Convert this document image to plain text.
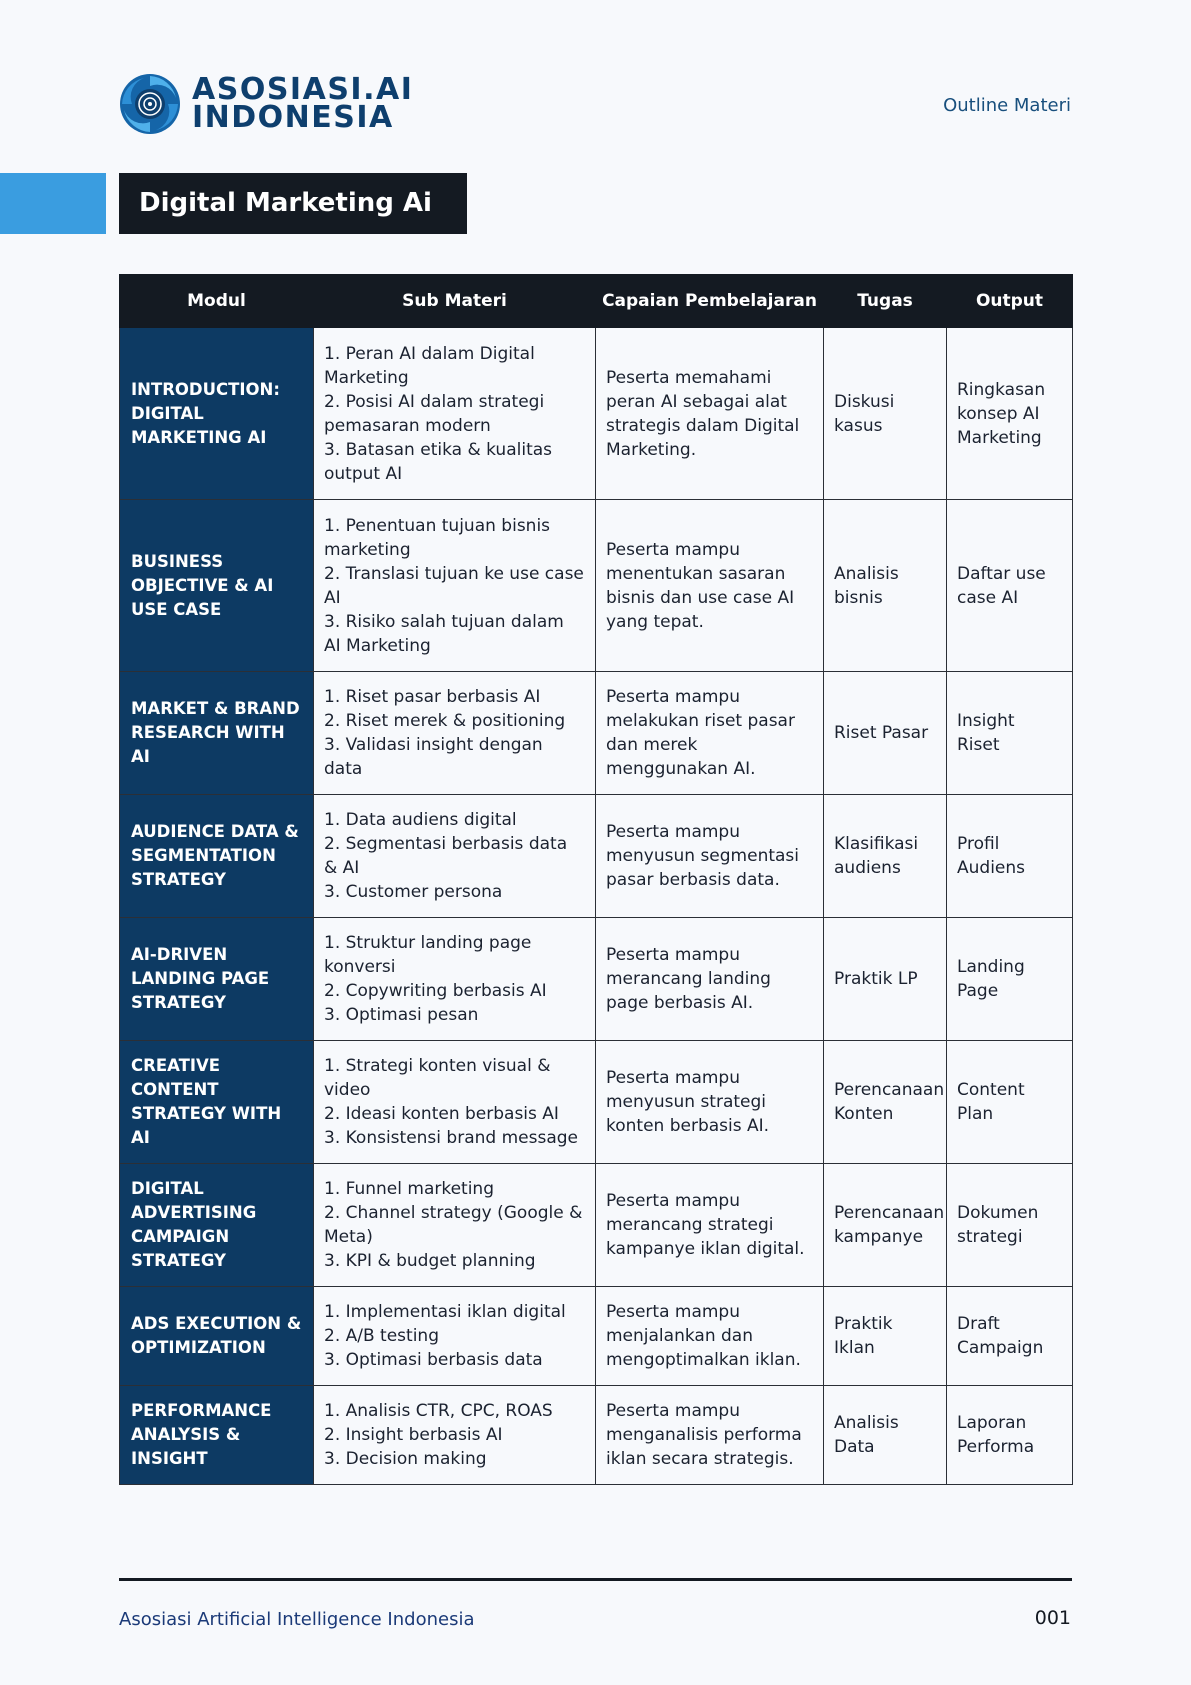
ASOSIASI.AI
INDONESIA	Outline Materi
Digital Marketing Ai
Modul	Sub Materi	Capaian Pembelajaran	Tugas	Output
INTRODUCTION: DIGITAL MARKETING AI	1. Peran AI dalam Digital Marketing
2. Posisi AI dalam strategi pemasaran modern
3. Batasan etika & kualitas output AI	Peserta memahami peran AI sebagai alat strategis dalam Digital Marketing.	Diskusi kasus	Ringkasan konsep AI Marketing
BUSINESS OBJECTIVE & AI USE CASE	1. Penentuan tujuan bisnis marketing
2. Translasi tujuan ke use case AI
3. Risiko salah tujuan dalam AI Marketing	Peserta mampu menentukan sasaran bisnis dan use case AI yang tepat.	Analisis bisnis	Daftar use case AI
MARKET & BRAND RESEARCH WITH AI	1. Riset pasar berbasis AI
2. Riset merek & positioning
3. Validasi insight dengan data	Peserta mampu melakukan riset pasar dan merek menggunakan AI.	Riset Pasar	Insight Riset
AUDIENCE DATA & SEGMENTATION STRATEGY	1. Data audiens digital
2. Segmentasi berbasis data & AI
3. Customer persona	Peserta mampu menyusun segmentasi pasar berbasis data.	Klasifikasi audiens	Profil Audiens
AI-DRIVEN LANDING PAGE STRATEGY	1. Struktur landing page konversi
2. Copywriting berbasis AI
3. Optimasi pesan	Peserta mampu merancang landing page berbasis AI.	Praktik LP	Landing Page
CREATIVE CONTENT STRATEGY WITH AI	1. Strategi konten visual & video
2. Ideasi konten berbasis AI
3. Konsistensi brand message	Peserta mampu menyusun strategi konten berbasis AI.	Perencanaan Konten	Content Plan
DIGITAL ADVERTISING CAMPAIGN STRATEGY	1. Funnel marketing
2. Channel strategy (Google & Meta)
3. KPI & budget planning	Peserta mampu merancang strategi kampanye iklan digital.	Perencanaan kampanye	Dokumen strategi
ADS EXECUTION & OPTIMIZATION	1. Implementasi iklan digital
2. A/B testing
3. Optimasi berbasis data	Peserta mampu menjalankan dan mengoptimalkan iklan.	Praktik Iklan	Draft Campaign
PERFORMANCE ANALYSIS & INSIGHT	1. Analisis CTR, CPC, ROAS
2. Insight berbasis AI
3. Decision making	Peserta mampu menganalisis performa iklan secara strategis.	Analisis Data	Laporan Performa
Asosiasi Artificial Intelligence Indonesia	001
